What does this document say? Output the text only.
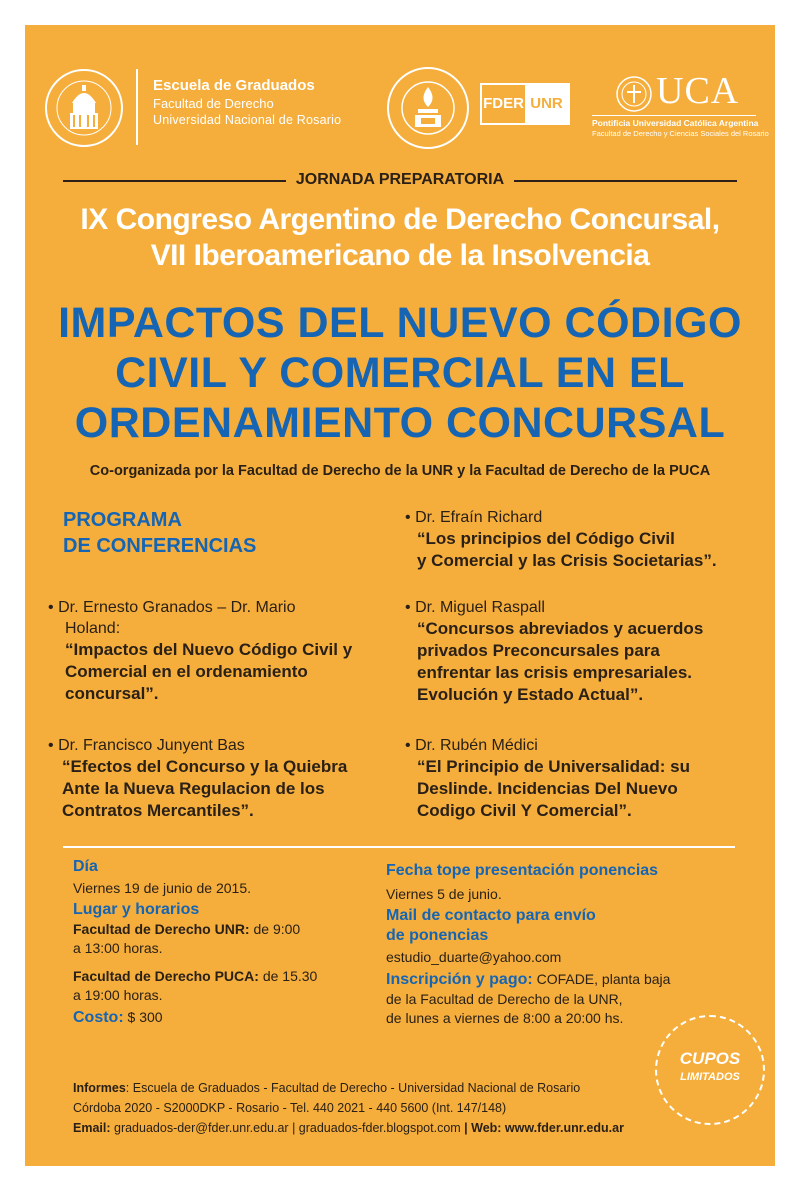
Escuela de Graduados
Facultad de Derecho
Universidad Nacional de Rosario
FDER UNR UCA
Pontificia Universidad Católica Argentina
Facultad de Derecho y Ciencias Sociales del Rosario
JORNADA PREPARATORIA
IX Congreso Argentino de Derecho Concursal,
VII Iberoamericano de la Insolvencia
IMPACTOS DEL NUEVO CÓDIGO
CIVIL Y COMERCIAL EN EL
ORDENAMIENTO CONCURSAL
Co-organizada por la Facultad de Derecho de la UNR y la Facultad de Derecho de la PUCA
PROGRAMA
DE CONFERENCIAS
• Dr. Ernesto Granados – Dr. Mario
Holand:
“Impactos del Nuevo Código Civil y
Comercial en el ordenamiento
concursal”.
• Dr. Francisco Junyent Bas
“Efectos del Concurso y la Quiebra
Ante la Nueva Regulacion de los
Contratos Mercantiles”.
• Dr. Efraín Richard
“Los principios del Código Civil
y Comercial y las Crisis Societarias”.
• Dr. Miguel Raspall
“Concursos abreviados y acuerdos
privados Preconcursales para
enfrentar las crisis empresariales.
Evolución y Estado Actual”.
• Dr. Rubén Médici
“El Principio de Universalidad: su
Deslinde. Incidencias Del Nuevo
Codigo Civil Y Comercial”.
Día
Viernes 19 de junio de 2015.
Lugar y horarios
Facultad de Derecho UNR: de 9:00
a 13:00 horas.
Facultad de Derecho PUCA: de 15.30
a 19:00 horas.
Costo: $ 300
Fecha tope presentación ponencias
Viernes 5 de junio.
Mail de contacto para envío
de ponencias
estudio_duarte@yahoo.com
Inscripción y pago: COFADE, planta baja
de la Facultad de Derecho de la UNR,
de lunes a viernes de 8:00 a 20:00 hs.
CUPOS
LIMITADOS
Informes: Escuela de Graduados - Facultad de Derecho - Universidad Nacional de Rosario
Córdoba 2020 - S2000DKP - Rosario - Tel. 440 2021 - 440 5600 (Int. 147/148)
Email: graduados-der@fder.unr.edu.ar | graduados-fder.blogspot.com | Web: www.fder.unr.edu.ar
